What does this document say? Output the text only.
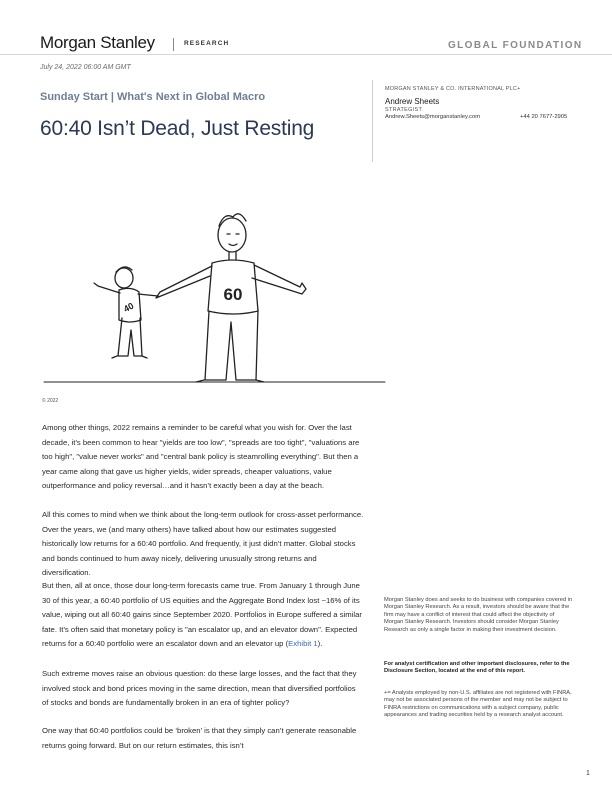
Morgan Stanley	RESEARCH	GLOBAL FOUNDATION
July 24, 2022 06:00 AM GMT
Sunday Start | What's Next in Global Macro
60:40 Isn’t Dead, Just Resting
MORGAN STANLEY & CO. INTERNATIONAL PLC+
Andrew Sheets
STRATEGIST
Andrew.Sheets@morganstanley.com	+44 20 7677-2905
60
40
© 2022

Among other things, 2022 remains a reminder to be careful what you wish for. Over the last decade, it’s been common to hear "yields are too low", "spreads are too tight", "valuations are too high", "value never works" and "central bank policy is steamrolling everything". But then a year came along that gave us higher yields, wider spreads, cheaper valuations, value outperformance and policy reversal…and it hasn’t exactly been a day at the beach.

All this comes to mind when we think about the long-term outlook for cross-asset performance. Over the years, we (and many others) have talked about how our estimates suggested historically low returns for a 60:40 portfolio. And frequently, it just didn’t matter. Global stocks and bonds continued to hum away nicely, delivering unusually strong returns and diversification.

But then, all at once, those dour long-term forecasts came true. From January 1 through June 30 of this year, a 60:40 portfolio of US equities and the Aggregate Bond Index lost ~16% of its value, wiping out all 60:40 gains since September 2020. Portfolios in Europe suffered a similar fate. It’s often said that monetary policy is "an escalator up, and an elevator down". Expected returns for a 60:40 portfolio were an escalator down and an elevator up (Exhibit 1).

Such extreme moves raise an obvious question: do these large losses, and the fact that they involved stock and bond prices moving in the same direction, mean that diversified portfolios of stocks and bonds are fundamentally broken in an era of tighter policy?

One way that 60:40 portfolios could be ‘broken’ is that they simply can’t generate reasonable returns going forward. But on our return estimates, this isn’t

Morgan Stanley does and seeks to do business with companies covered in Morgan Stanley Research. As a result, investors should be aware that the firm may have a conflict of interest that could affect the objectivity of Morgan Stanley Research. Investors should consider Morgan Stanley Research as only a single factor in making their investment decision.

For analyst certification and other important disclosures, refer to the Disclosure Section, located at the end of this report.

+= Analysts employed by non-U.S. affiliates are not registered with FINRA, may not be associated persons of the member and may not be subject to FINRA restrictions on communications with a subject company, public appearances and trading securities held by a research analyst account.

1
